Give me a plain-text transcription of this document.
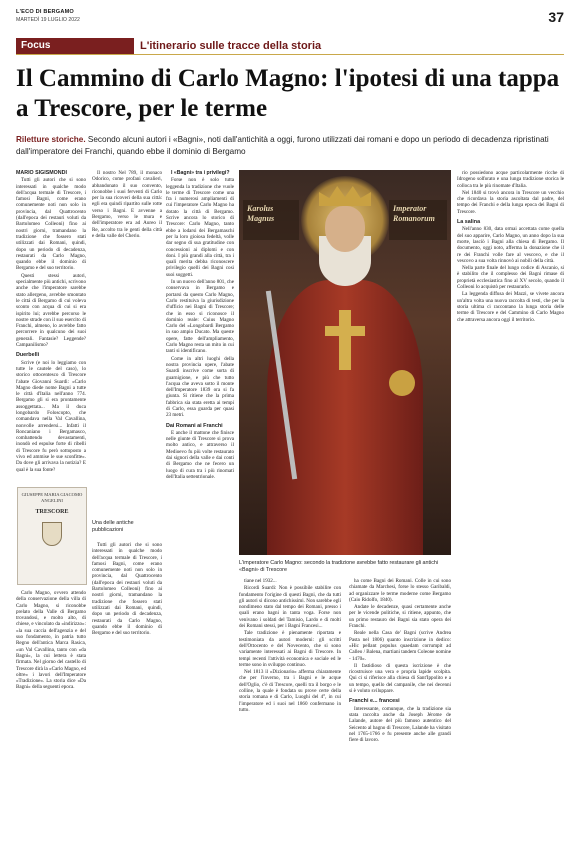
L'ECO DI BERGAMO
MARTEDÌ 19 LUGLIO 2022	37
Focus	L'itinerario sulle tracce della storia
Il Cammino di Carlo Magno: l'ipotesi di una tappa a Trescore, per le terme
Riletture storiche. Secondo alcuni autori i «Bagni», noti dall'antichità a oggi, furono utilizzati dai romani e dopo un periodo di decadenza ripristinati dall'imperatore dei Franchi, quando ebbe il dominio di Bergamo

MARIO SIGISMONDI

Tutti gli autori che si sono interessati in qualche modo dell'acqua termale di Trescore, i famosi Bagni, come erano comunemente noti non solo in provincia, dal Quattrocento (dall'epoca dei restauri voluti da Bartolomeo Colleoni) fino ai nostri giorni, tramandano la tradizione che fossero stati utilizzati dai Romani, quindi, dopo un periodo di decadenza, restaurati da Carlo Magno, quando ebbe il dominio di Bergamo e del suo territorio.

Questi stessi autori, specialmente più antichi, scrivono anche che l'imperatore sarebbe stato allergeno, avrebbe smontato le cittá di Bergamo di cui voleva sconto con acqua di cui si era ispirito lui; avrebbe percorso le nostre strade con il suo esercito di Franchi, almeno, lo avrebbe fatto percorrere in qualcuno dei suoi generali. Fantasie? Leggende? Campanilismo?

Duerbelli

Scrive (e noi lo leggiamo con tutte le cautele del caso), lo storico ottocentesco di Trescore l'abate Giovanni Suardi: «Carlo Magno diede nome Bagni a tutte le città d'Italia nell'anno 774. Bergamo gli si era prontamente assoggettata... Ma il duca longobardo Foloscopto, che comandava nella Val Cavallina, nonvolle arrendersi... Infatti il Roncaniano i Bergamasco, combattendo devastamenti, inondò ed espulse forte di ribelli di Trescore fu però sottoposto a vivo ed ammise le sue sconfitte». Da dove gli arrivava la notizia? E qual è la sua fonte?

GIUSEPPE MARIA GIACOMO ANGELINI
TRESCORE
Una delle antiche pubblicazioni

Carlo Magno, ovvero attendo della conservazione della villa di Carlo Magno, si riconobbe prelato della Valle di Bergamo trovandosi, e molto alto, di chiese, e vincolato da «indirizzo»: «la sua caccia dell'agenzia e del suo fondamento, in patria tutto Regno dell'antica Marca Rasica, «un Val Cavallina, tanto con «da Bagni», la cui lettera è stata firmata. Nel giorno del castello di Trescore dirà la «Carlo Magno, ed oltre» i lavori dell'Imperatore «Tradizione». La storia dice «Da Bagni» della seguenti epoca.

Il nostro Nel 789, il monaco Odorico, come profani cavalieri, abbandonato il suo convento, riconobbe i suoi ferventi di Carlo per la sua ricoveri della sua città: egli era quindi ripartito sulle rotte verso i Bagni. E avvenne a Bergamo, verso le mura e dell'imperatore era ad Aureo il Re, accolto tra le genti della città e della valle del Cherio.

Tutti gli autori che si sono interessati in qualche modo dell'acqua termale di Trescore, i famosi Bagni, come erano comunemente noti non solo in provincia, dal Quattrocento (dall'epoca dei restauri voluti da Bartolomeo Colleoni) fino ai nostri giorni, tramandano la tradizione che fossero stati utilizzati dai Romani, quindi, dopo un periodo di decadenza, restaurati da Carlo Magno, quando ebbe il dominio di Bergamo e del suo territorio.

I «Bagni» tra i privilegi?

Forse non è solo tutta leggenda la tradizione che vuole le terme di Trescore come una fra i numerosi ampliamenti di cui l'imperatore Carlo Magno ha dotato la città di Bergamo. Scrive ancora lo storico di Trescore: Carlo Magno, tanto ebbe a lodarsi dei Bergamaschi per la loro gioiosa fedeltà, volle dar segno di sua gratitudine con concessioni ai diplomi e con doni. I più grandi alla città, tra i quali merita debba riconoscere privilegio quelli dei Bagni così suoi soggetti.

In un nuovo dell'anno 801, che conservava in Bergamo e portarsi da questo Carlo Magno, Carlo restituiva la giurisdizione d'ufficio nei Bagni di Trescore; che in esso si riconosce il dominio reale: Cuius Magno Carlo del «Longobardi Bergamo in suo ampio Ducato. Ma queste opere, fatte dell'ampliamento, Carlo Magno resta un mito in cui tanti si identificano.

Come in altri luoghi della nostra provincia opere, l'abate Suardi inscrive come sorta di guarnigione, e più che tutto l'acqua che aveva sotto il monte dell'Imperatore 1839 ora si fa giunta. Si ritiene che la prima fabbrica sia stata eretta ai tempi di Carlo, essa guarda per quasi 23 metri.

Dai Romani ai Franchi

E anche il mattone che finisce nelle giunte di Trescore si prova molto antico, e attraverso il Medioevo fu più volte restaurato dai signori della valle e dai conti di Bergamo che ne fecero un luogo di cura tra i più rinomati dell'Italia settentrionale.

Karolus Magnus
Imperator Romanorum
L'imperatore Carlo Magno: secondo la tradizione avrebbe fatto restaurare gli antichi «Bagni» di Trescore

tiane nel 1932...

Ricordi Suardi: Non è possibile stabilire con fondamento l'origine di questi Bagni, che da tutti gli autori si dicono antichissimi. Non sarebbe egli nondimeno stato dal tempo dei Romani, presso i quali erano bagni in tanta voga. Forse non venivano i soldati del Tamisio, Lardo e di molti dei Romani stessi, per i Bagni Francesi...

Tale tradizione è pienamente riportata e testimoniata da autori moderni: gli scritti dell'Ottocento e del Novecento, che si sono variamente interessati ai Bagni di Trescore. In tempi recenti l'attività economica e sociale ed le terme sono in sviluppo continuo.

Nel 1813 il «Dizionario» afferma chiaramente che per l'inverno, tra i Bagni e le acque dell'Oglio, c'è di Trescore, quelli tra il borgo e le colline, la quale è fondata su prove certe della storia romana e di Carlo, Luoghi del 4°, in cui l'imperatore ed i suoi nel 1860 confermano in tutto.

ha come Bagni dei Romani. Colle in cui sono chiamate da Marchesi, forse lo stesso Garibaldi, ad organizzare le terme moderne come Bergamo (Caio Ridolfo, 1840).

Andate le decadenze, quasi certamente anche per le vicende politiche, si ritiene, appunto, che un primo restauro dei Bagni sia stato opera dei Franchi.

Reale nella Casa de' Bagni (scrive Andrea Pasta nel 1806) quanto inscrizione in dedico: «Hic pellant populus quaedam corrumpit ad Calleo / Balena, martiani tandem Coleone nomine - 1470».

Il fastidioso di questa iscrizione è che ricostruisce una vera e propria lapide scolpita. Qui ci si riferisce alla chiesa di Sant'Ippolito e a un tempo, quello del campanile, che nei decenni si è voluto sviluppare.

Franchi e... francesi

Interessante, comunque, che la tradizione sia stata raccolta anche da Joseph Jérome de Lalande, autore del più famoso autentico del Seicento al bagno di Trescore, Lalande ha visitato nel 1765-1766 e fu presente anche alle grandi fiere di lavoro.

rio possiedono acque particolarmente ricche di Idrogeno solforato e una lunga tradizione storica le colloca tra le più rinomate d'Italia.

Nel 1840 si trovò ancora in Trescore un vecchio che ricordava la storia ascoltata dal padre, del tempo dei Franchi e della lunga epoca dei Bagni di Trescore.

La salina

Nell'anno 830, data ormai accettata come quella del suo apparire, Carlo Magno, un anno dopo la sua morte, lasciò i Bagni alla chiesa di Bergamo. Il documento, oggi noto, afferma la donazione che il re dei Franchi volle fare al vescovo, e che il vescovo a sua volta rinnovò ai nobili della città.

Nella parte finale del lungo codice di Ascanio, si è stabilito che il complesso dei Bagni rimase di proprietà ecclesiastica fino al XV secolo, quando il Colleoni lo acquistò per restaurarlo.

La leggenda diffusa dei Mazzi, se vivete ancora un'altra volta una nuova raccolta di testi, che per la storia ultima ci raccontano la lunga storia delle terme di Trescore e del Cammino di Carlo Magno che attraversa ancora oggi il territorio.
